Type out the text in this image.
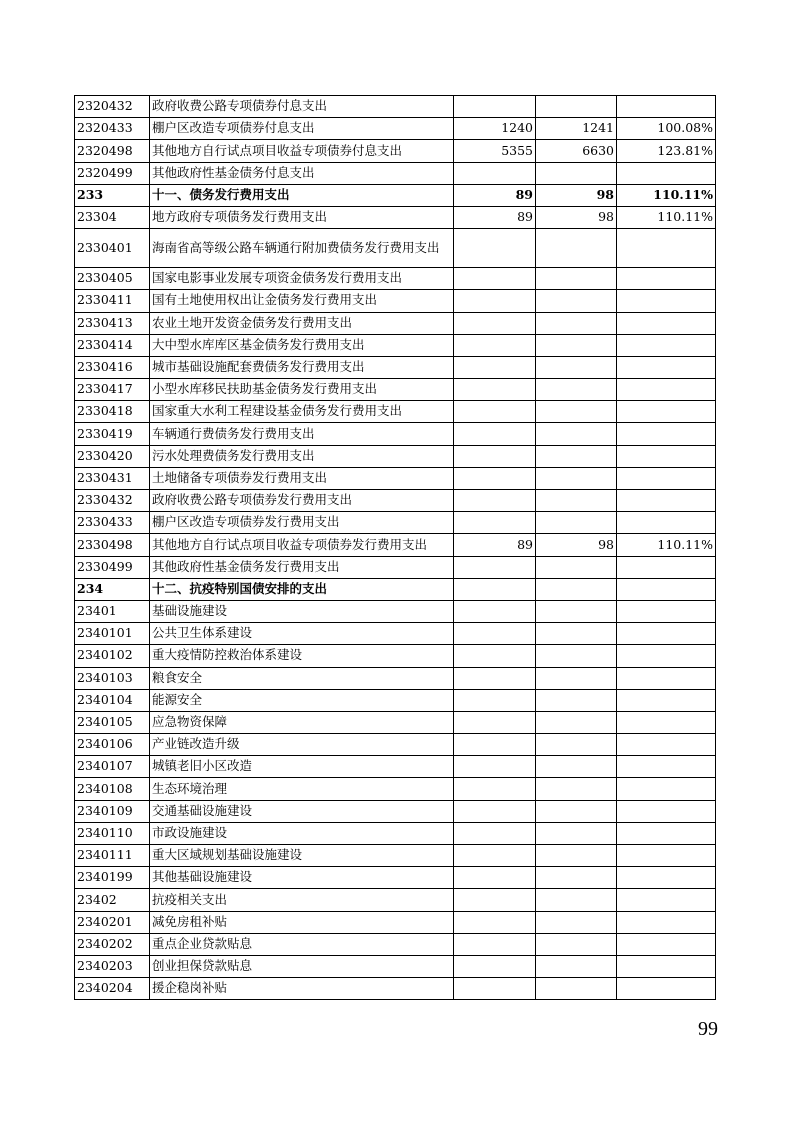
2320432	政府收费公路专项债券付息支出			
2320433	棚户区改造专项债券付息支出	1240	1241	100.08%
2320498	其他地方自行试点项目收益专项债券付息支出	5355	6630	123.81%
2320499	其他政府性基金债务付息支出			
233	十一、债务发行费用支出	89	98	110.11%
23304	地方政府专项债务发行费用支出	89	98	110.11%
2330401	海南省高等级公路车辆通行附加费债务发行费用支出			
2330405	国家电影事业发展专项资金债务发行费用支出			
2330411	国有土地使用权出让金债务发行费用支出			
2330413	农业土地开发资金债务发行费用支出			
2330414	大中型水库库区基金债务发行费用支出			
2330416	城市基础设施配套费债务发行费用支出			
2330417	小型水库移民扶助基金债务发行费用支出			
2330418	国家重大水利工程建设基金债务发行费用支出			
2330419	车辆通行费债务发行费用支出			
2330420	污水处理费债务发行费用支出			
2330431	土地储备专项债券发行费用支出			
2330432	政府收费公路专项债券发行费用支出			
2330433	棚户区改造专项债券发行费用支出			
2330498	其他地方自行试点项目收益专项债券发行费用支出	89	98	110.11%
2330499	其他政府性基金债务发行费用支出			
234	十二、抗疫特别国债安排的支出			
23401	基础设施建设			
2340101	公共卫生体系建设			
2340102	重大疫情防控救治体系建设			
2340103	粮食安全			
2340104	能源安全			
2340105	应急物资保障			
2340106	产业链改造升级			
2340107	城镇老旧小区改造			
2340108	生态环境治理			
2340109	交通基础设施建设			
2340110	市政设施建设			
2340111	重大区域规划基础设施建设			
2340199	其他基础设施建设			
23402	抗疫相关支出			
2340201	减免房租补贴			
2340202	重点企业贷款贴息			
2340203	创业担保贷款贴息			
2340204	援企稳岗补贴			
99
